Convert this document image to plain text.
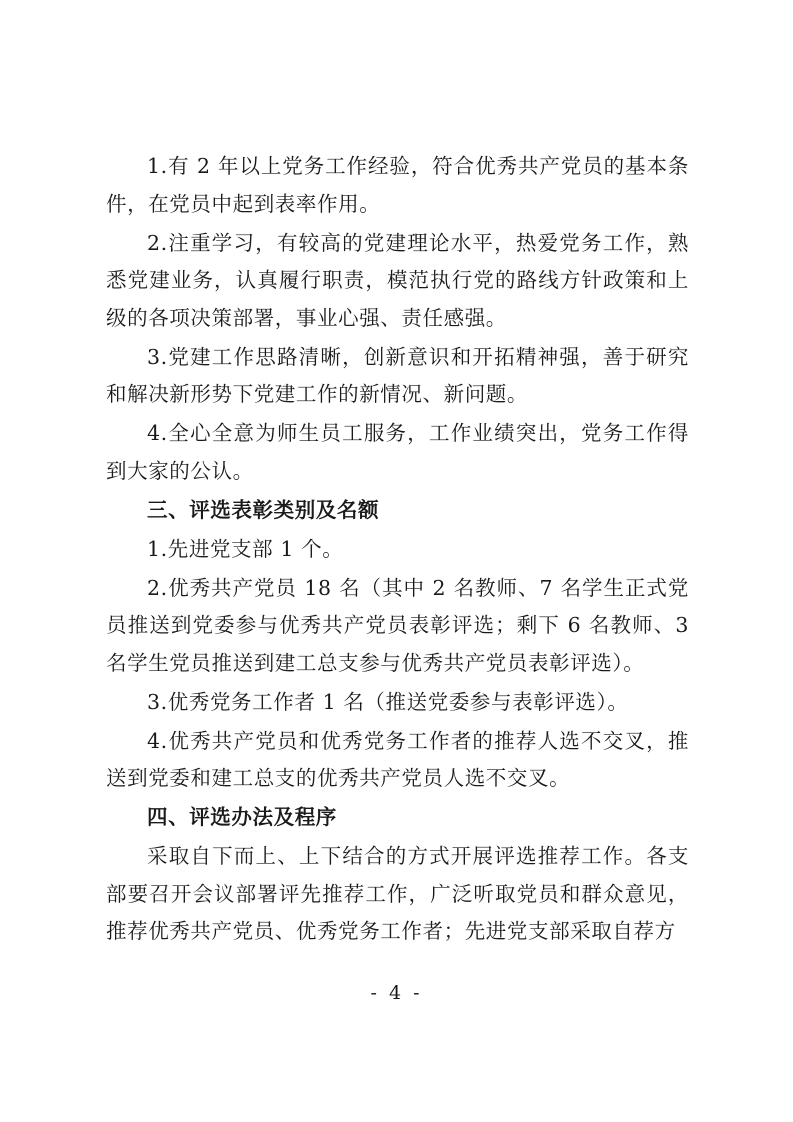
1.有 2 年以上党务工作经验，符合优秀共产党员的基本条件，在党员中起到表率作用。

2.注重学习，有较高的党建理论水平，热爱党务工作，熟悉党建业务，认真履行职责，模范执行党的路线方针政策和上级的各项决策部署，事业心强、责任感强。

3.党建工作思路清晰，创新意识和开拓精神强，善于研究和解决新形势下党建工作的新情况、新问题。

4.全心全意为师生员工服务，工作业绩突出，党务工作得到大家的公认。

三、评选表彰类别及名额

1.先进党支部 1 个。

2.优秀共产党员 18 名（其中 2 名教师、7 名学生正式党员推送到党委参与优秀共产党员表彰评选；剩下 6 名教师、3 名学生党员推送到建工总支参与优秀共产党员表彰评选）。

3.优秀党务工作者 1 名（推送党委参与表彰评选）。

4.优秀共产党员和优秀党务工作者的推荐人选不交叉，推送到党委和建工总支的优秀共产党员人选不交叉。

四、评选办法及程序

采取自下而上、上下结合的方式开展评选推荐工作。各支部要召开会议部署评先推荐工作，广泛听取党员和群众意见，推荐优秀共产党员、优秀党务工作者；先进党支部采取自荐方

- 4 -
